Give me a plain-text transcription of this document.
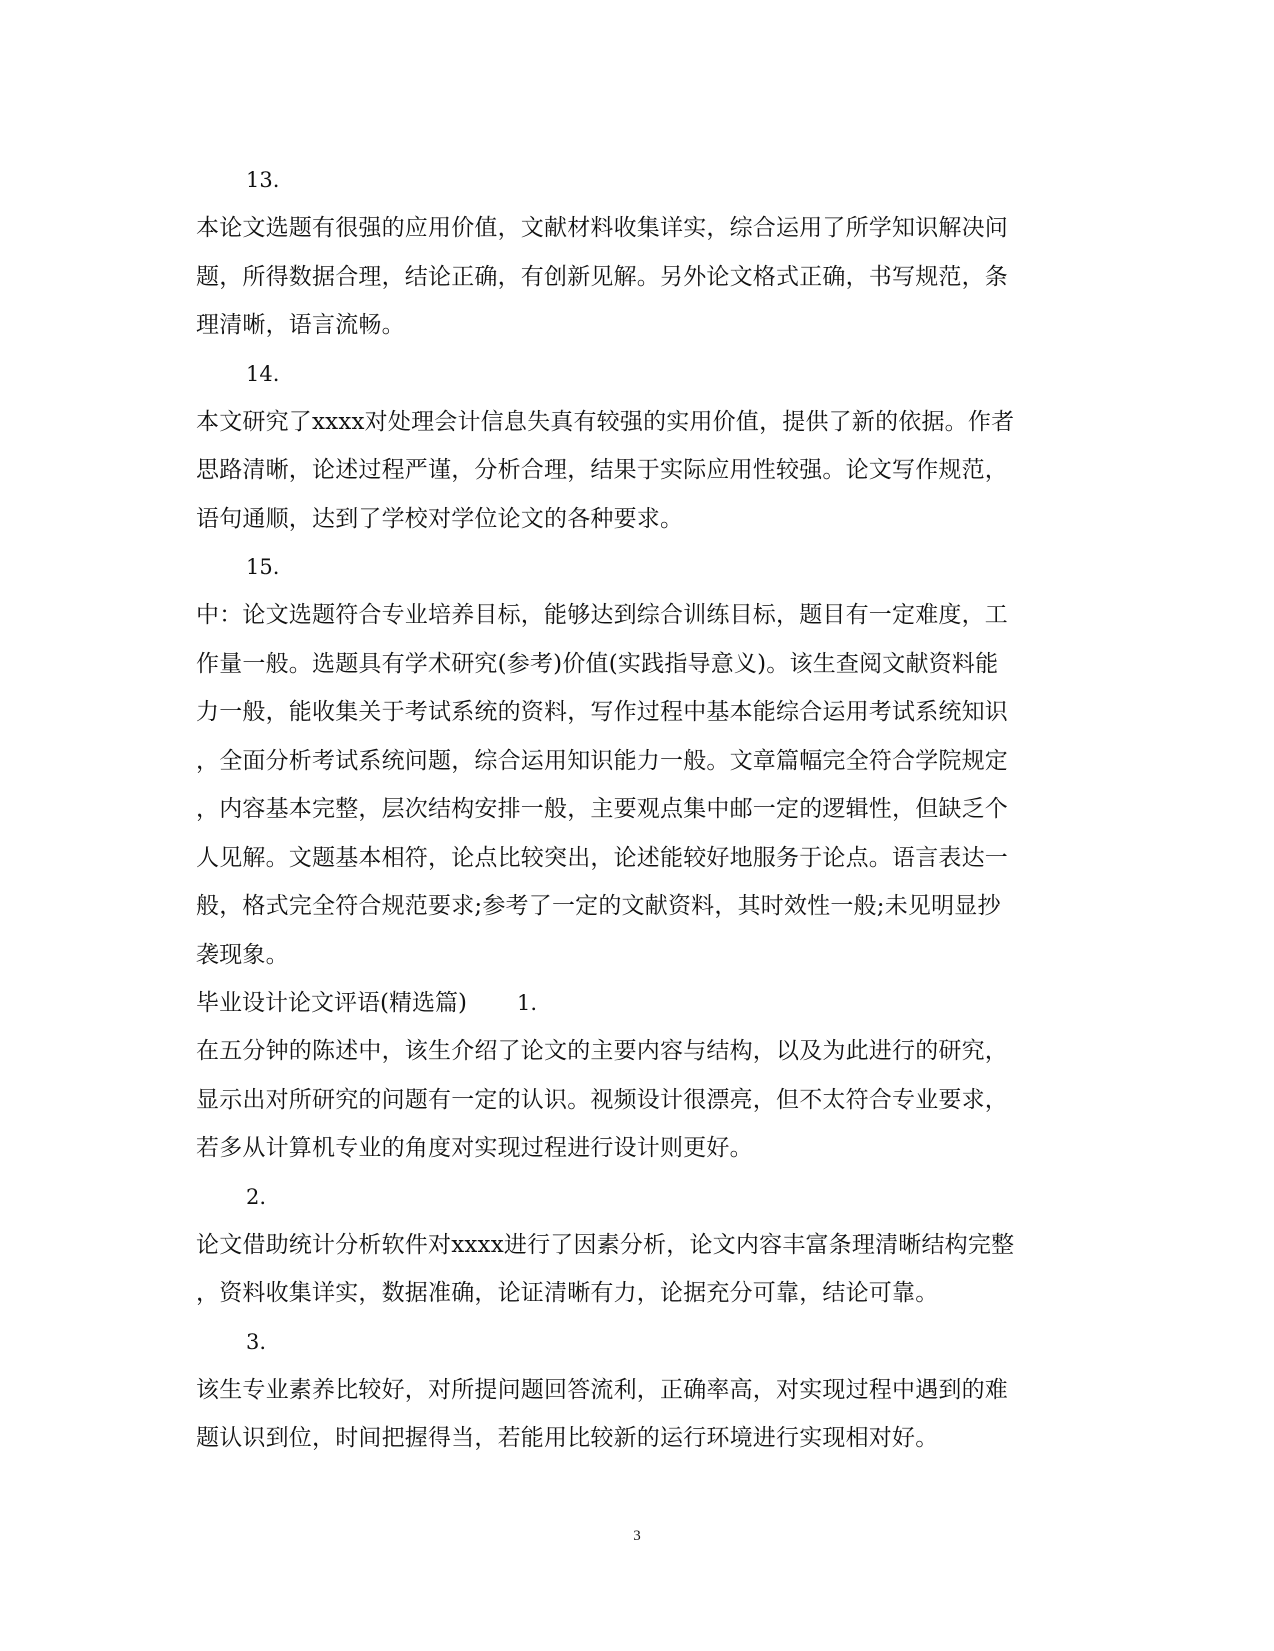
13.
本论文选题有很强的应用价值，文献材料收集详实，综合运用了所学知识解决问
题，所得数据合理，结论正确，有创新见解。另外论文格式正确，书写规范，条
理清晰，语言流畅。
14.
本文研究了xxxx对处理会计信息失真有较强的实用价值，提供了新的依据。作者
思路清晰，论述过程严谨，分析合理，结果于实际应用性较强。论文写作规范，
语句通顺，达到了学校对学位论文的各种要求。
15.
中：论文选题符合专业培养目标，能够达到综合训练目标，题目有一定难度，工
作量一般。选题具有学术研究(参考)价值(实践指导意义)。该生查阅文献资料能
力一般，能收集关于考试系统的资料，写作过程中基本能综合运用考试系统知识
，全面分析考试系统问题，综合运用知识能力一般。文章篇幅完全符合学院规定
，内容基本完整，层次结构安排一般，主要观点集中邮一定的逻辑性，但缺乏个
人见解。文题基本相符，论点比较突出，论述能较好地服务于论点。语言表达一
般，格式完全符合规范要求;参考了一定的文献资料，其时效性一般;未见明显抄
袭现象。
毕业设计论文评语(精选篇) 1.
在五分钟的陈述中，该生介绍了论文的主要内容与结构，以及为此进行的研究，
显示出对所研究的问题有一定的认识。视频设计很漂亮，但不太符合专业要求，
若多从计算机专业的角度对实现过程进行设计则更好。
2.
论文借助统计分析软件对xxxx进行了因素分析，论文内容丰富条理清晰结构完整
，资料收集详实，数据准确，论证清晰有力，论据充分可靠，结论可靠。
3.
该生专业素养比较好，对所提问题回答流利，正确率高，对实现过程中遇到的难
题认识到位，时间把握得当，若能用比较新的运行环境进行实现相对好。
3
